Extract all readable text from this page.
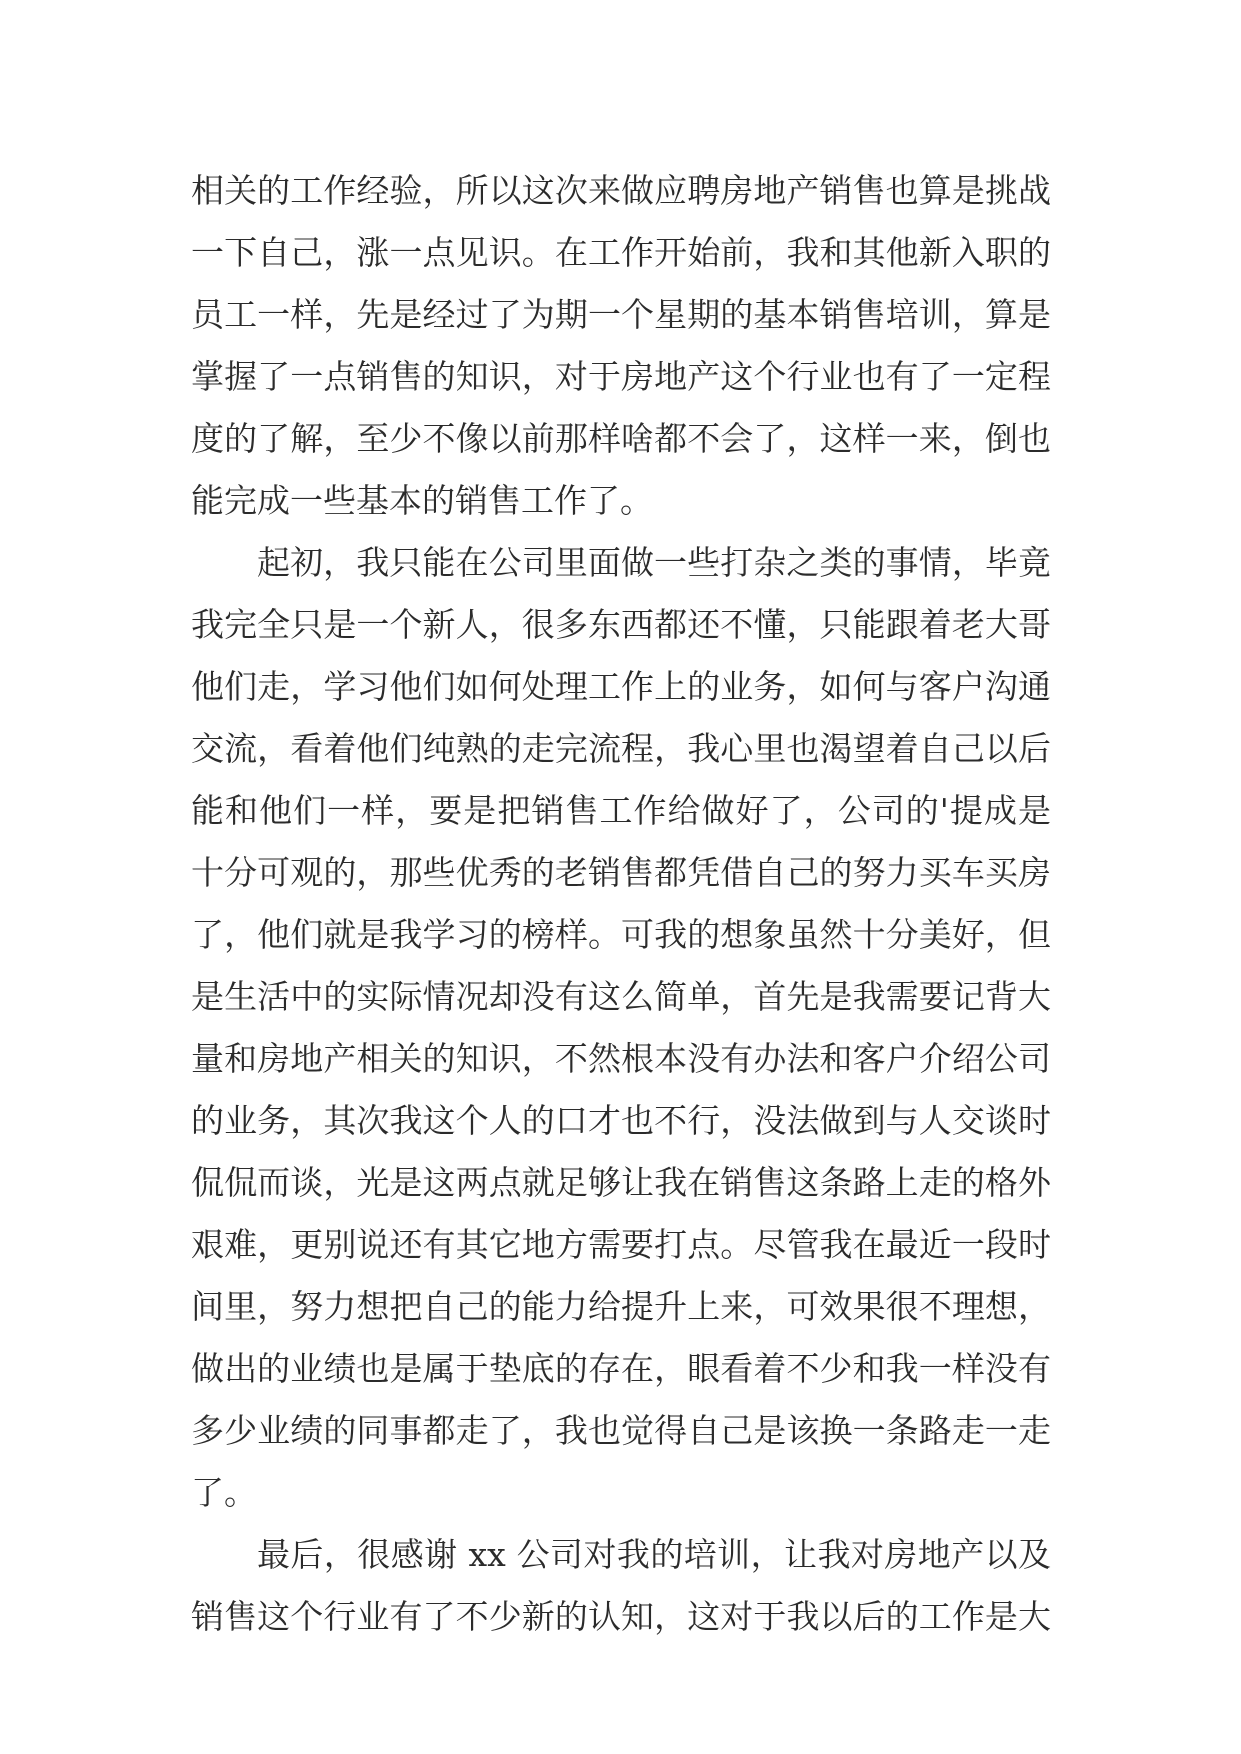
相关的工作经验，所以这次来做应聘房地产销售也算是挑战
一下自己，涨一点见识。在工作开始前，我和其他新入职的
员工一样，先是经过了为期一个星期的基本销售培训，算是
掌握了一点销售的知识，对于房地产这个行业也有了一定程
度的了解，至少不像以前那样啥都不会了，这样一来，倒也
能完成一些基本的销售工作了。
起初，我只能在公司里面做一些打杂之类的事情，毕竟
我完全只是一个新人，很多东西都还不懂，只能跟着老大哥
他们走，学习他们如何处理工作上的业务，如何与客户沟通
交流，看着他们纯熟的走完流程，我心里也渴望着自己以后
能和他们一样，要是把销售工作给做好了，公司的'提成是
十分可观的，那些优秀的老销售都凭借自己的努力买车买房
了，他们就是我学习的榜样。可我的想象虽然十分美好，但
是生活中的实际情况却没有这么简单，首先是我需要记背大
量和房地产相关的知识，不然根本没有办法和客户介绍公司
的业务，其次我这个人的口才也不行，没法做到与人交谈时
侃侃而谈，光是这两点就足够让我在销售这条路上走的格外
艰难，更别说还有其它地方需要打点。尽管我在最近一段时
间里，努力想把自己的能力给提升上来，可效果很不理想，
做出的业绩也是属于垫底的存在，眼看着不少和我一样没有
多少业绩的同事都走了，我也觉得自己是该换一条路走一走
了。
最后，很感谢 xx 公司对我的培训，让我对房地产以及
销售这个行业有了不少新的认知，这对于我以后的工作是大
